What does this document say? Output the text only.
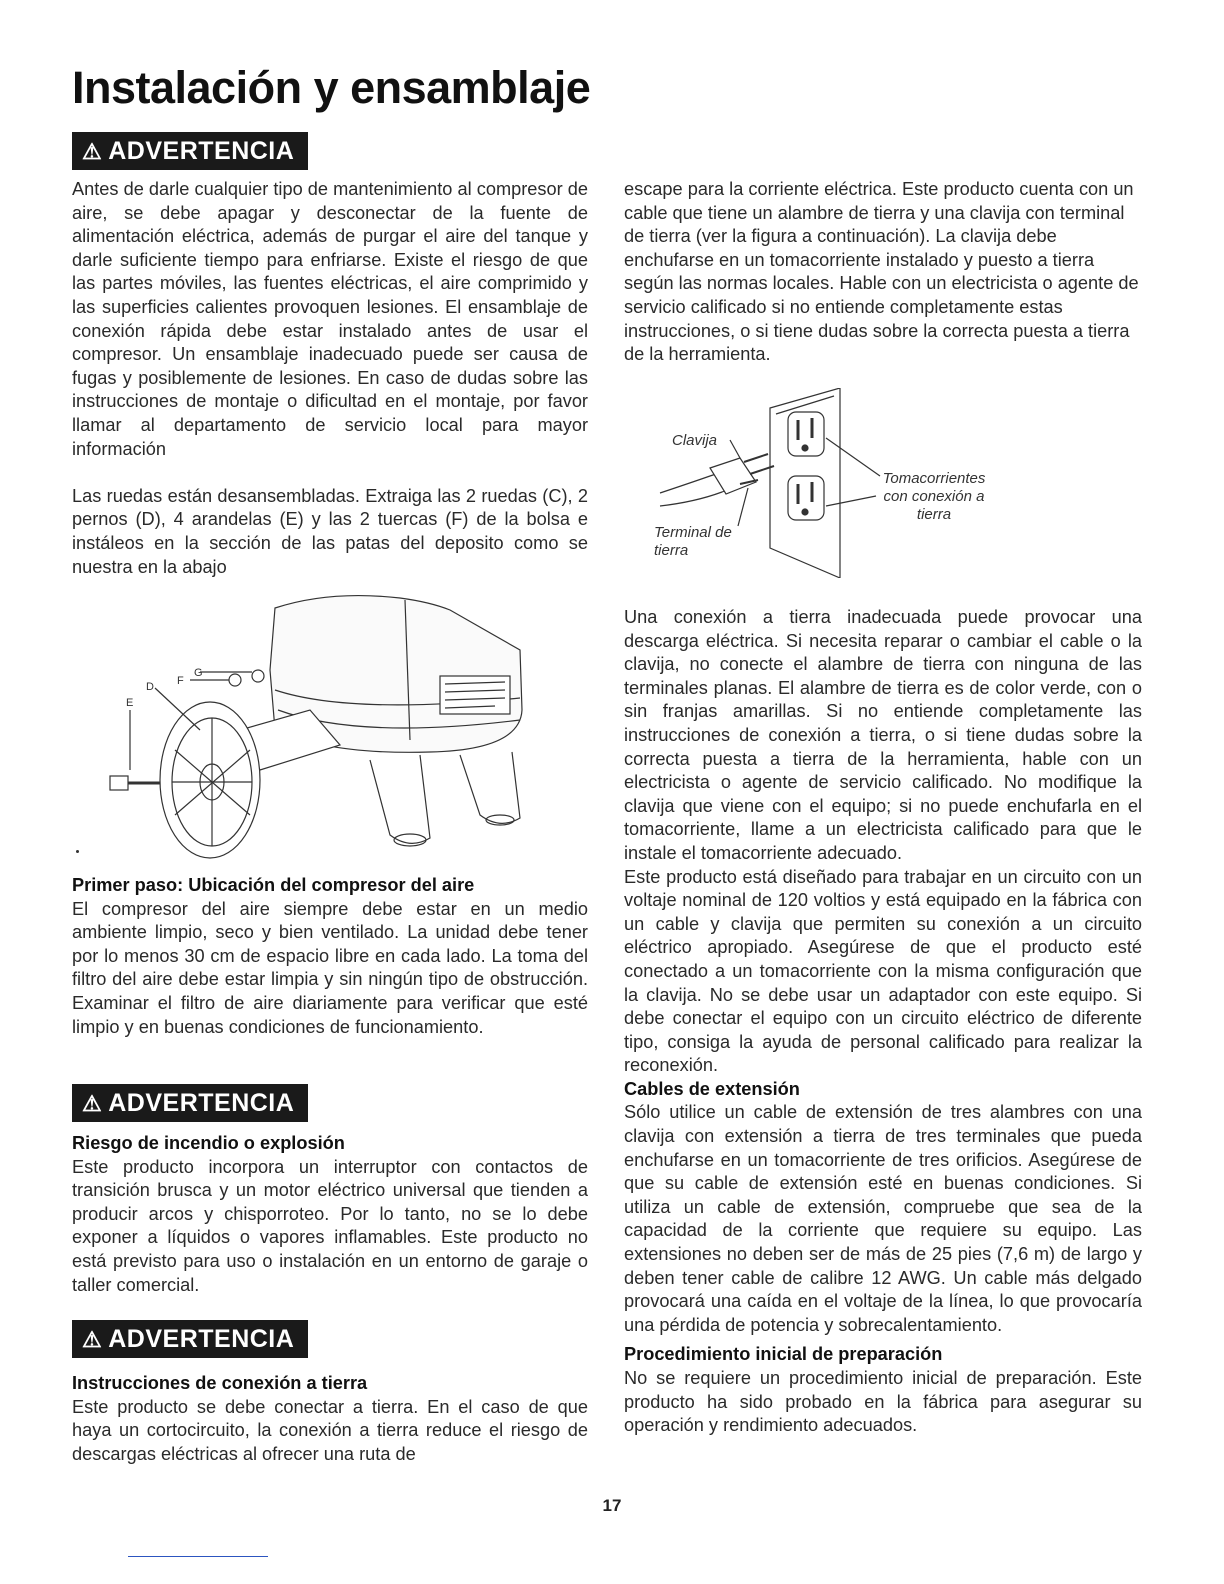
Instalación y ensamblaje
⚠ ADVERTENCIA
⚠ ADVERTENCIA
⚠ ADVERTENCIA

Antes de darle cualquier tipo de mantenimiento al compresor de aire, se debe apagar y desconectar de la fuente de alimentación eléctrica, además de purgar el aire del tanque y darle suficiente tiempo para enfriarse. Existe el riesgo de que las partes móviles, las fuentes eléctricas, el aire comprimido y las superficies calientes provoquen lesiones. El ensamblaje de conexión rápida debe estar instalado antes de usar el compresor. Un ensamblaje inadecuado puede ser causa de fugas y posiblemente de lesiones. En caso de dudas sobre las instrucciones de montaje o dificultad en el montaje, por favor llamar al departamento de servicio local para mayor información

Las ruedas están desansembladas. Extraiga las 2 ruedas (C), 2 pernos (D), 4 arandelas (E) y las 2 tuercas (F) de la bolsa e instáleos en la sección de las patas del deposito como se nuestra en la abajo

G
F
D
E
Primer paso: Ubicación del compresor del aire

El compresor del aire siempre debe estar en un medio ambiente limpio, seco y bien ventilado. La unidad debe tener por lo menos 30 cm de espacio libre en cada lado. La toma del filtro del aire debe estar limpia y sin ningún tipo de obstrucción. Examinar el filtro de aire diariamente para verificar que esté limpio y en buenas condiciones de funcionamiento.

Riesgo de incendio o explosión

Este producto incorpora un interruptor con contactos de transición brusca y un motor eléctrico universal que tienden a producir arcos y chisporroteo. Por lo tanto, no se lo debe exponer a líquidos o vapores inflamables. Este producto no está previsto para uso o instalación en un entorno de garaje o taller comercial.

Instrucciones de conexión a tierra

Este producto se debe conectar a tierra. En el caso de que haya un cortocircuito, la conexión a tierra reduce el riesgo de descargas eléctricas al ofrecer una ruta de

escape para la corriente eléctrica. Este producto cuenta con un cable que tiene un alambre de tierra y una clavija con terminal de tierra (ver la figura a continuación). La clavija debe enchufarse en un tomacorriente instalado y puesto a tierra según las normas locales. Hable con un electricista o agente de servicio calificado si no entiende completamente estas instrucciones, o si tiene dudas sobre la correcta puesta a tierra de la herramienta.

Clavija
Terminal de
tierra
Tomacorrientes
con conexión a
tierra

Una conexión a tierra inadecuada puede provocar una descarga eléctrica. Si necesita reparar o cambiar el cable o la clavija, no conecte el alambre de tierra con ninguna de las terminales planas. El alambre de tierra es de color verde, con o sin franjas amarillas. Si no entiende completamente las instrucciones de conexión a tierra, o si tiene dudas sobre la correcta puesta a tierra de la herramienta, hable con un electricista o agente de servicio calificado. No modifique la clavija que viene con el equipo; si no puede enchufarla en el tomacorriente, llame a un electricista calificado para que le instale el tomacorriente adecuado.

Este producto está diseñado para trabajar en un circuito con un voltaje nominal de 120 voltios y está equipado en la fábrica con un cable y clavija que permiten su conexión a un circuito eléctrico apropiado. Asegúrese de que el producto esté conectado a un tomacorriente con la misma configuración que la clavija. No se debe usar un adaptador con este equipo. Si debe conectar el equipo con un circuito eléctrico de diferente tipo, consiga la ayuda de personal calificado para realizar la reconexión.

Cables de extensión

Sólo utilice un cable de extensión de tres alambres con una clavija con extensión a tierra de tres terminales que pueda enchufarse en un tomacorriente de tres orificios. Asegúrese de que su cable de extensión esté en buenas condiciones. Si utiliza un cable de extensión, compruebe que sea de la capacidad de la corriente que requiere su equipo. Las extensiones no deben ser de más de 25 pies (7,6 m) de largo y deben tener cable de calibre 12 AWG. Un cable más delgado provocará una caída en el voltaje de la línea, lo que provocaría una pérdida de potencia y sobrecalentamiento.

Procedimiento inicial de preparación

No se requiere un procedimiento inicial de preparación. Este producto ha sido probado en la fábrica para asegurar su operación y rendimiento adecuados.

17
